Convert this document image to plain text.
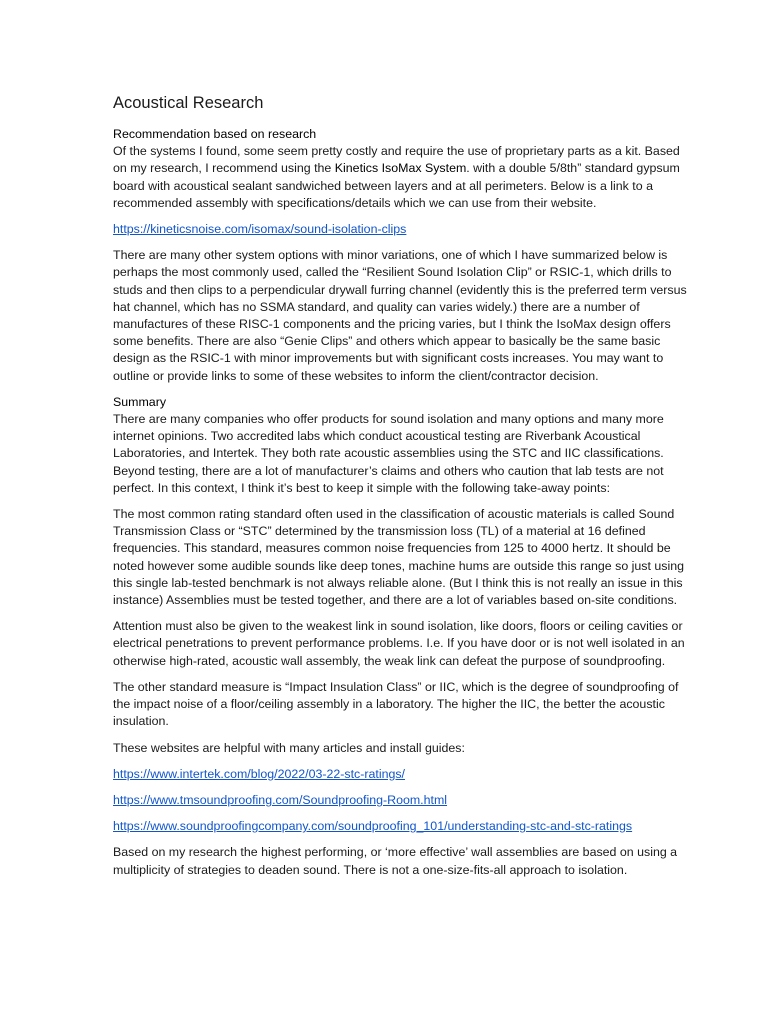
Acoustical Research
Recommendation based on research

Of the systems I found, some seem pretty costly and require the use of proprietary parts as a kit. Based on my research, I recommend using the Kinetics IsoMax System. with a double 5/8th” standard gypsum board with acoustical sealant sandwiched between layers and at all perimeters. Below is a link to a recommended assembly with specifications/details which we can use from their website.

https://kineticsnoise.com/isomax/sound-isolation-clips

There are many other system options with minor variations, one of which I have summarized below is perhaps the most commonly used, called the “Resilient Sound Isolation Clip” or RSIC-1, which drills to studs and then clips to a perpendicular drywall furring channel (evidently this is the preferred term versus hat channel, which has no SSMA standard, and quality can varies widely.) there are a number of manufactures of these RISC-1 components and the pricing varies, but I think the IsoMax design offers some benefits. There are also “Genie Clips” and others which appear to basically be the same basic design as the RSIC-1 with minor improvements but with significant costs increases. You may want to outline or provide links to some of these websites to inform the client/contractor decision.

Summary

There are many companies who offer products for sound isolation and many options and many more internet opinions. Two accredited labs which conduct acoustical testing are Riverbank Acoustical Laboratories, and Intertek. They both rate acoustic assemblies using the STC and IIC classifications. Beyond testing, there are a lot of manufacturer’s claims and others who caution that lab tests are not perfect. In this context, I think it’s best to keep it simple with the following take-away points:

The most common rating standard often used in the classification of acoustic materials is called Sound Transmission Class or “STC” determined by the transmission loss (TL) of a material at 16 defined frequencies. This standard, measures common noise frequencies from 125 to 4000 hertz. It should be noted however some audible sounds like deep tones, machine hums are outside this range so just using this single lab-tested benchmark is not always reliable alone. (But I think this is not really an issue in this instance) Assemblies must be tested together, and there are a lot of variables based on-site conditions.

Attention must also be given to the weakest link in sound isolation, like doors, floors or ceiling cavities or electrical penetrations to prevent performance problems. I.e. If you have door or is not well isolated in an otherwise high-rated, acoustic wall assembly, the weak link can defeat the purpose of soundproofing.

The other standard measure is “Impact Insulation Class” or IIC, which is the degree of soundproofing of the impact noise of a floor/ceiling assembly in a laboratory. The higher the IIC, the better the acoustic insulation.

These websites are helpful with many articles and install guides:

https://www.intertek.com/blog/2022/03-22-stc-ratings/

https://www.tmsoundproofing.com/Soundproofing-Room.html

https://www.soundproofingcompany.com/soundproofing_101/understanding-stc-and-stc-ratings

Based on my research the highest performing, or ‘more effective’ wall assemblies are based on using a multiplicity of strategies to deaden sound. There is not a one-size-fits-all approach to isolation.
